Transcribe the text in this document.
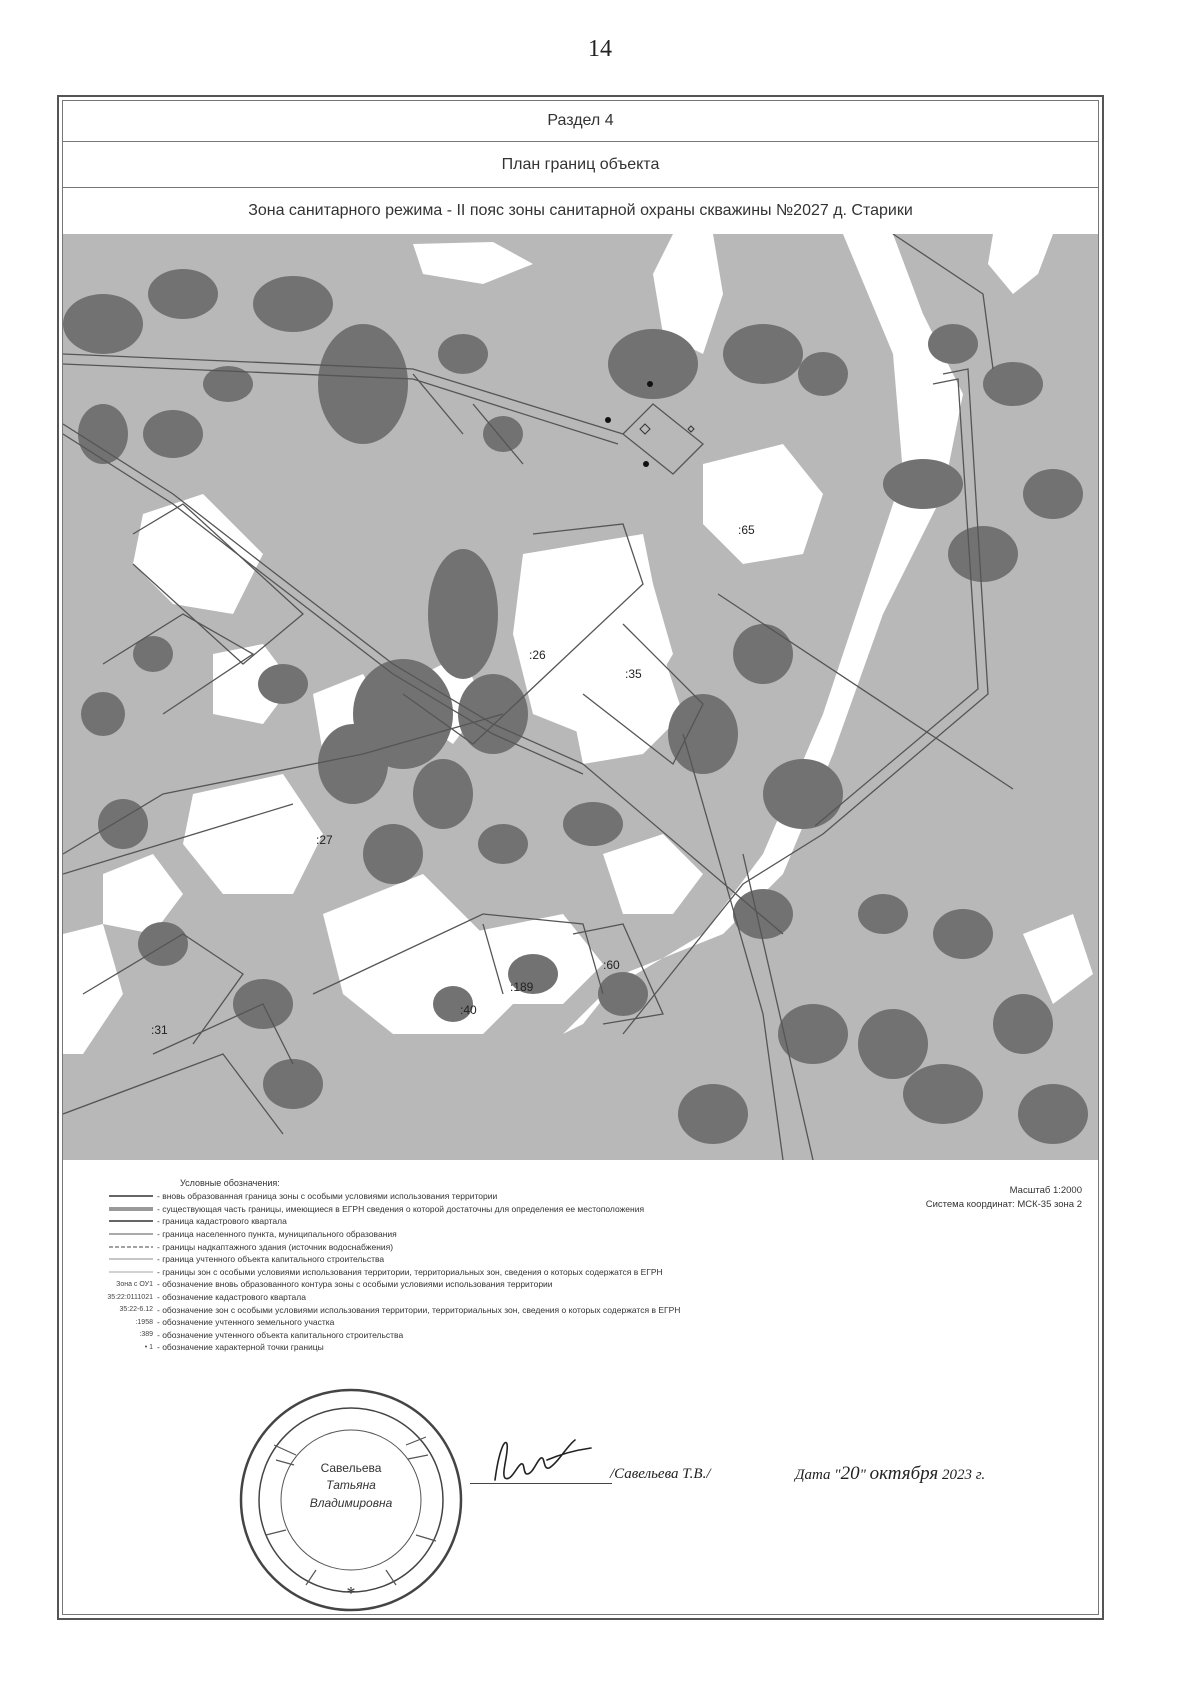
14
Раздел 4
План границ объекта
Зона санитарного режима - II пояс зоны санитарной охраны скважины №2027 д. Старики
:65
:26
:35
:27
:60
:189
:40
:31
Масштаб 1:2000
Система координат: МСК-35 зона 2
Условные обозначения:
- вновь образованная граница зоны с особыми условиями использования территории
- существующая часть границы, имеющиеся в ЕГРН сведения о которой достаточны для определения ее местоположения
- граница кадастрового квартала
- граница населенного пункта, муниципального образования
- границы надкаптажного здания (источник водоснабжения)
- граница учтенного объекта капитального строительства
- границы зон с особыми условиями использования территории, территориальных зон, сведения о которых содержатся в ЕГРН
Зона с ОУ1 - обозначение вновь образованного контура зоны с особыми условиями использования территории
35:22:0111021 - обозначение кадастрового квартала
35:22-6.12 - обозначение зон с особыми условиями использования территории, территориальных зон, сведения о которых содержатся в ЕГРН
:1958 - обозначение учтенного земельного участка
:389 - обозначение учтенного объекта капитального строительства
• 1 - обозначение характерной точки границы
*
Савельева
Татьяна
Владимировна
/Савельева Т.В./	Дата "20" октября 2023 г.
